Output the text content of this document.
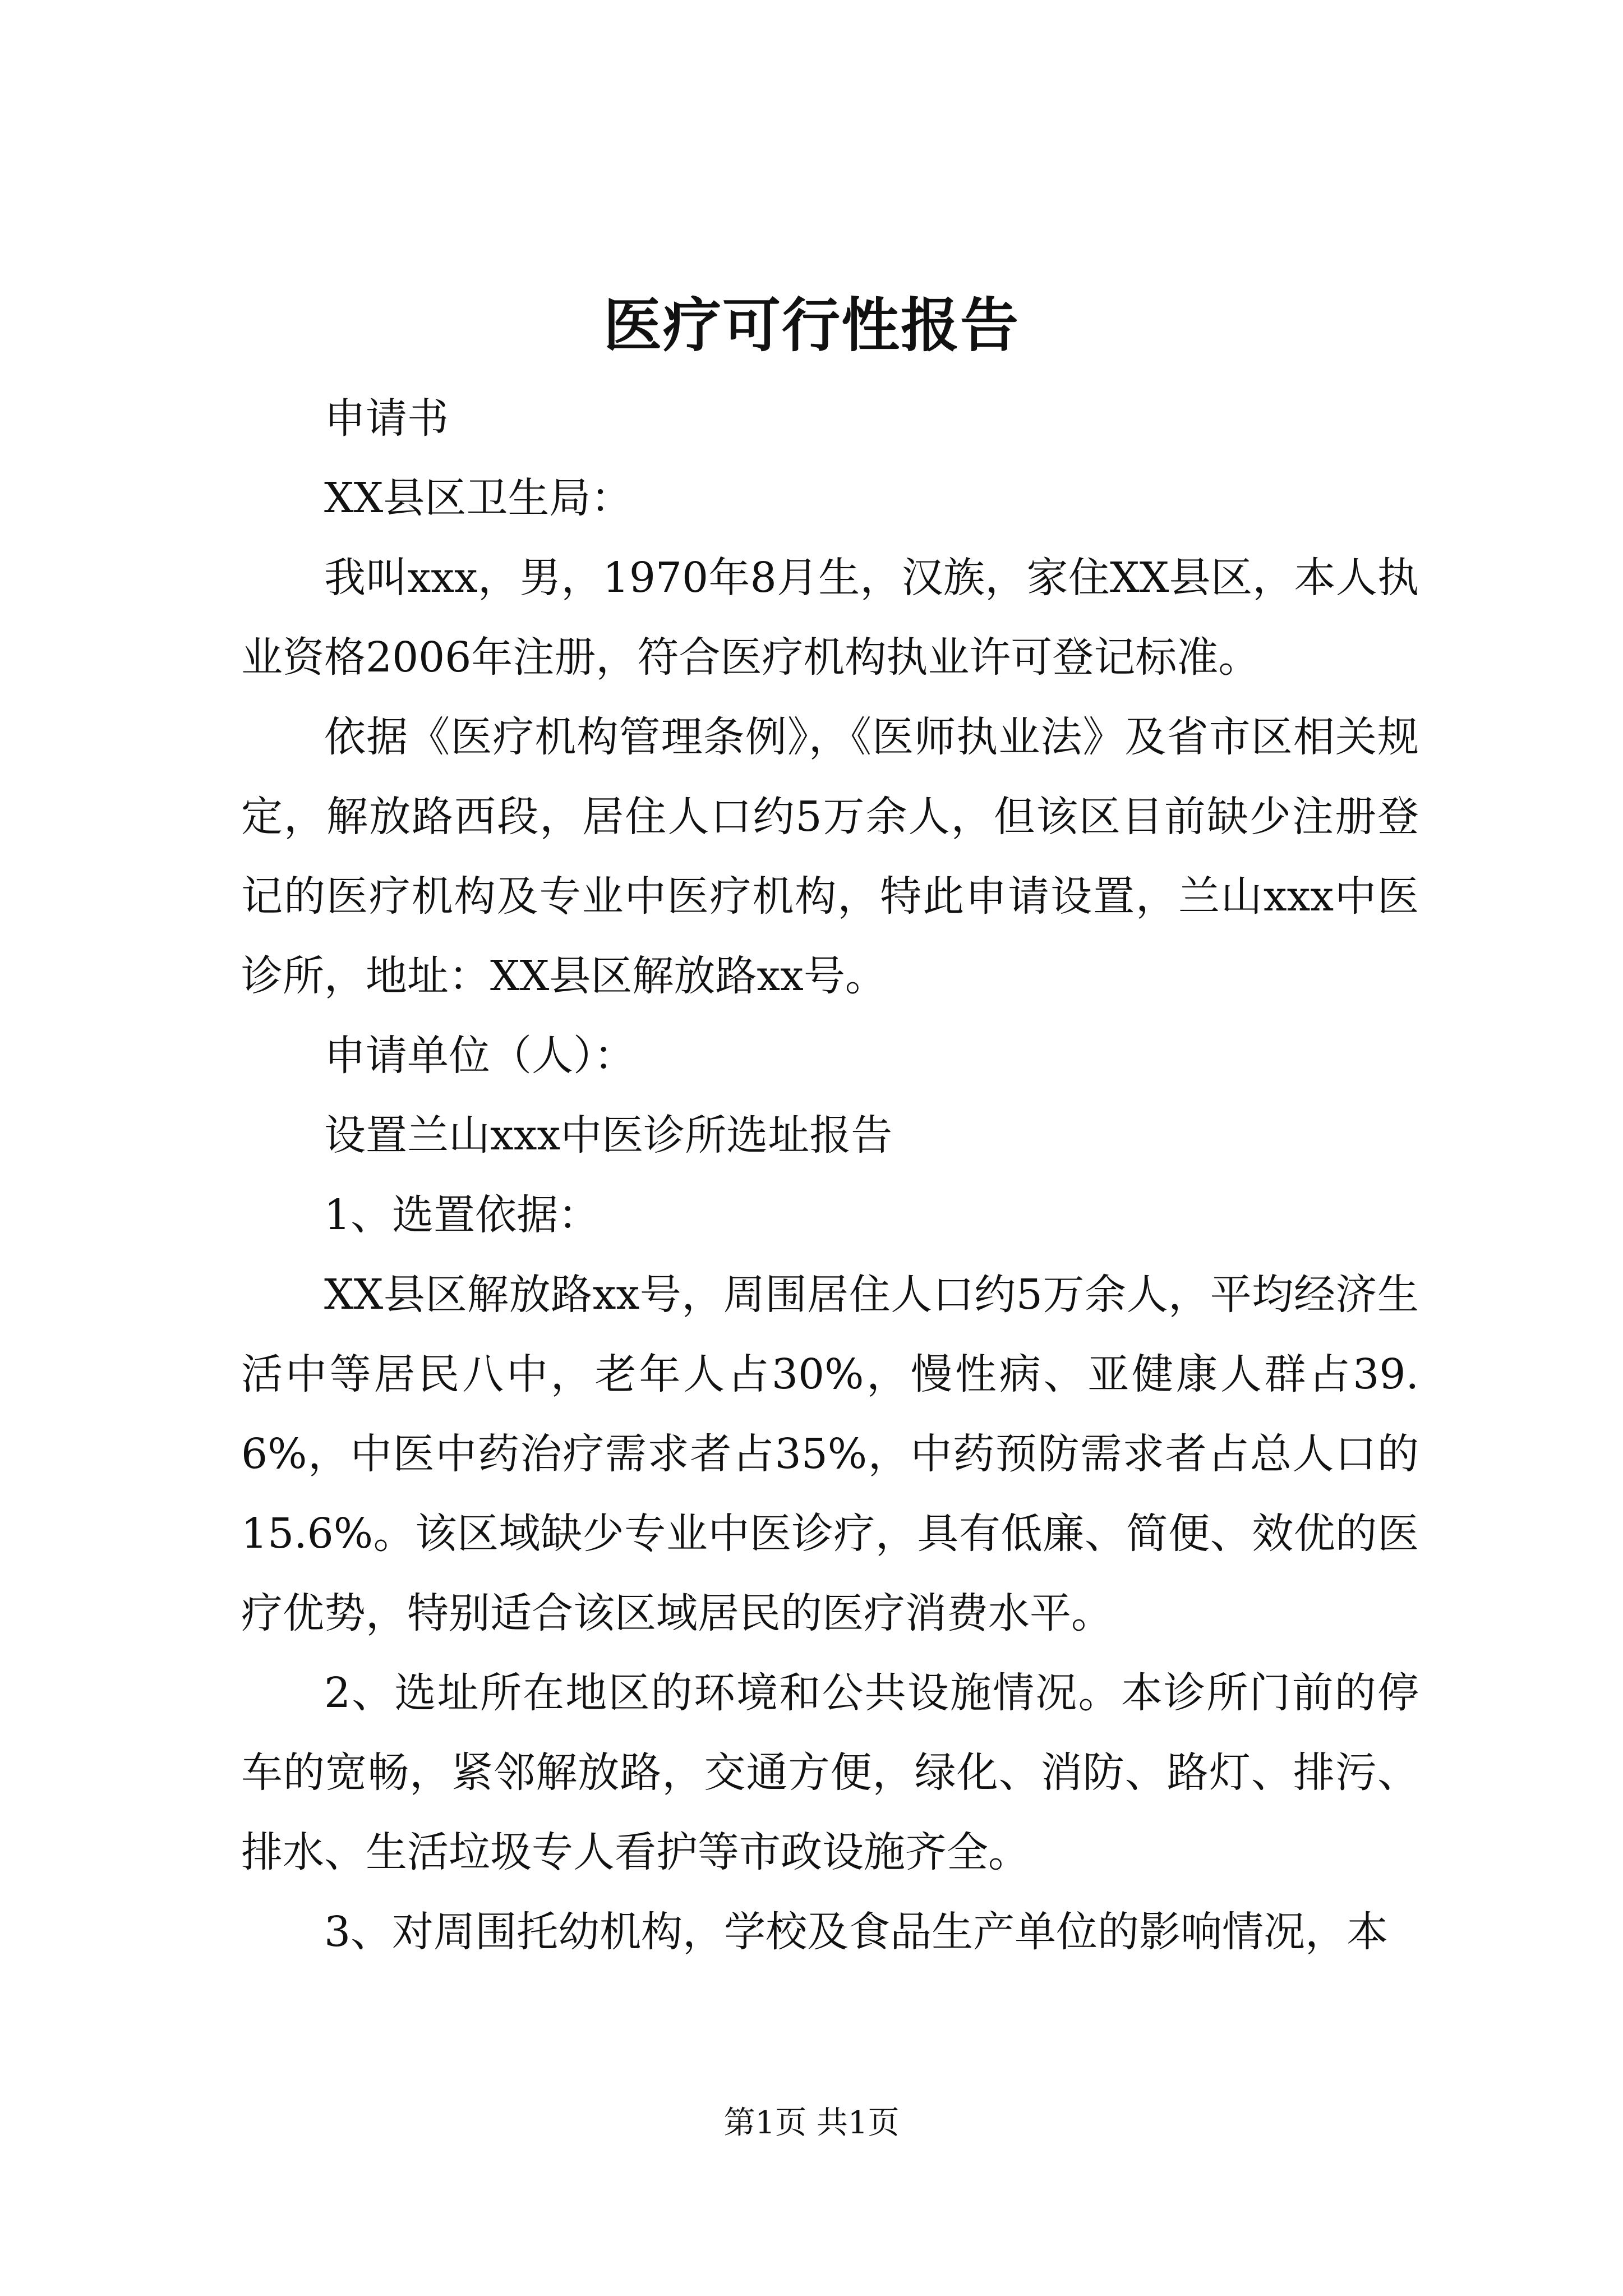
医疗可行性报告

申请书

XX县区卫生局：

我叫xxx，男，1970年8月生，汉族，家住XX县区，本人执业资格2006年注册，符合医疗机构执业许可登记标准。

依据《医疗机构管理条例》，《医师执业法》及省市区相关规定，解放路西段，居住人口约5万余人，但该区目前缺少注册登记的医疗机构及专业中医疗机构，特此申请设置，兰山xxx中医诊所，地址：XX县区解放路xx号。

申请单位（人）：

设置兰山xxx中医诊所选址报告

1、选置依据：

XX县区解放路xx号，周围居住人口约5万余人，平均经济生活中等居民八中，老年人占30%，慢性病、亚健康人群占39.6%，中医中药治疗需求者占35%，中药预防需求者占总人口的15.6%。该区域缺少专业中医诊疗，具有低廉、简便、效优的医疗优势，特别适合该区域居民的医疗消费水平。

2、选址所在地区的环境和公共设施情况。本诊所门前的停车的宽畅，紧邻解放路，交通方便，绿化、消防、路灯、排污、排水、生活垃圾专人看护等市政设施齐全。

3、对周围托幼机构，学校及食品生产单位的影响情况，本

第1页 共1页
